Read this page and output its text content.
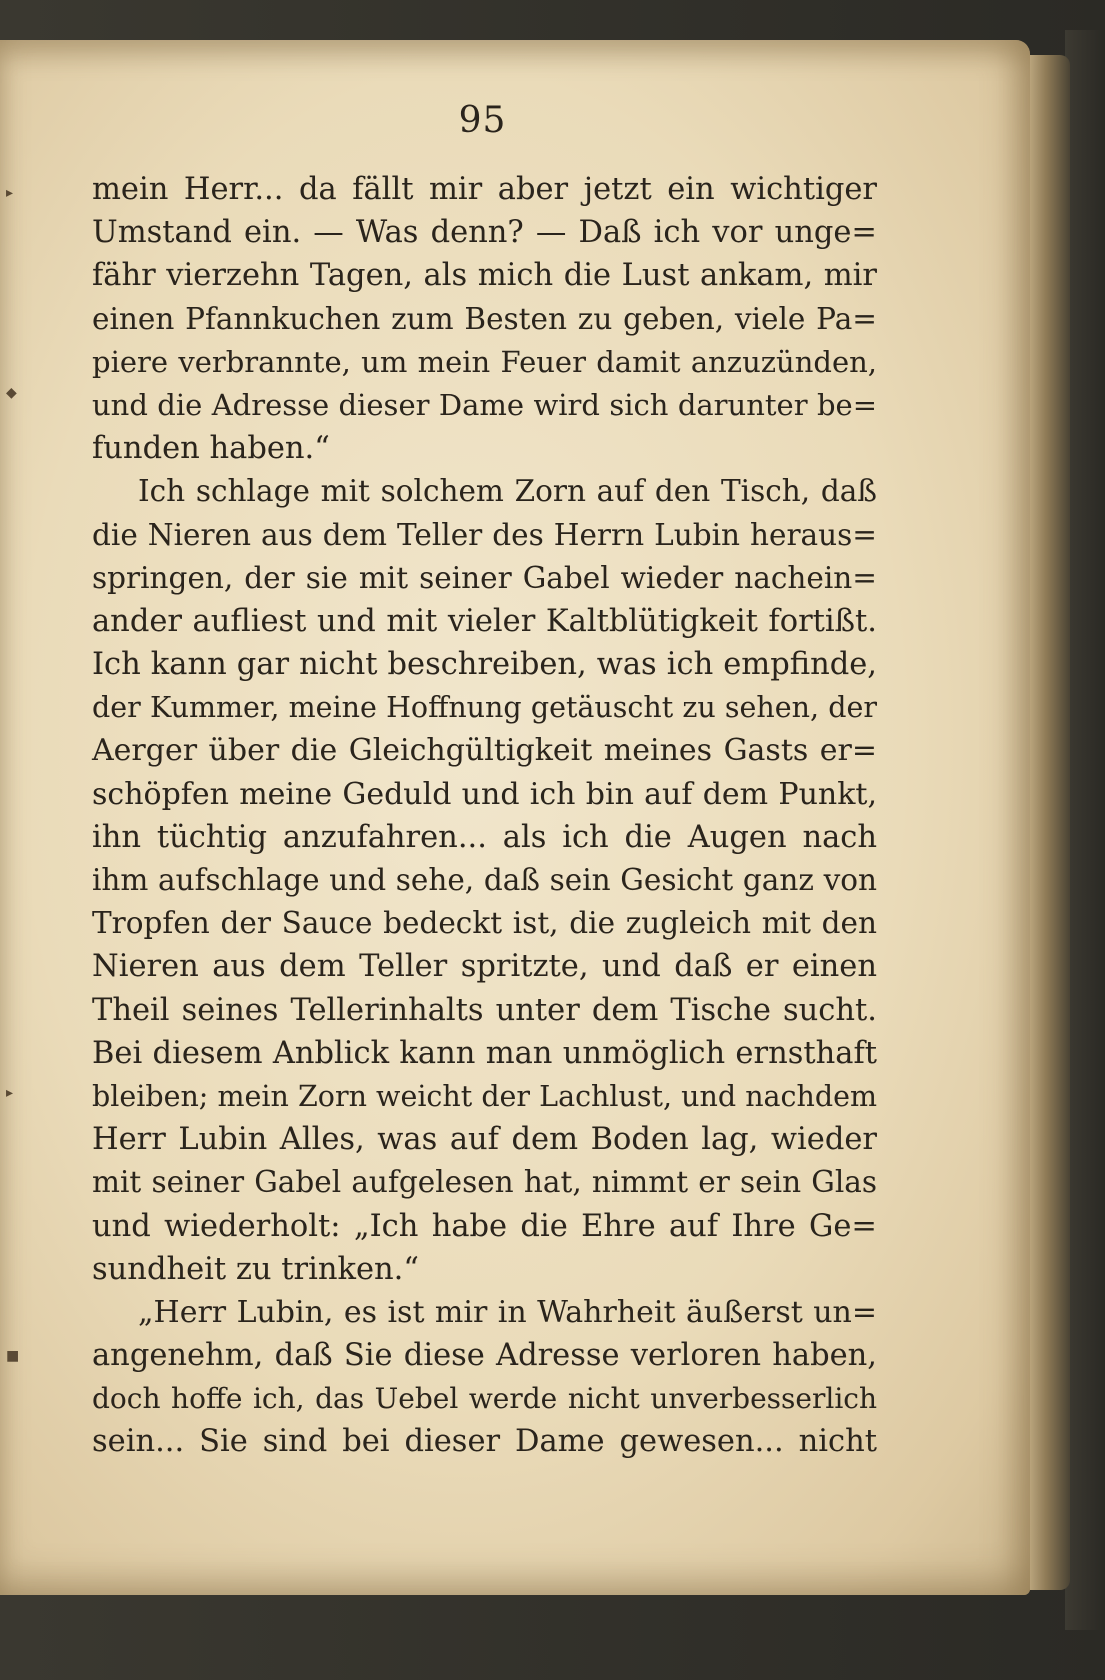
95
mein Herr... da fällt mir aber jetzt ein wichtiger
Umstand ein. — Was denn? — Daß ich vor unge=
fähr vierzehn Tagen, als mich die Lust ankam, mir
einen Pfannkuchen zum Besten zu geben, viele Pa=
piere verbrannte, um mein Feuer damit anzuzünden,
und die Adresse dieser Dame wird sich darunter be=
funden haben.“
Ich schlage mit solchem Zorn auf den Tisch, daß
die Nieren aus dem Teller des Herrn Lubin heraus=
springen, der sie mit seiner Gabel wieder nachein=
ander aufliest und mit vieler Kaltblütigkeit fortißt.
Ich kann gar nicht beschreiben, was ich empfinde,
der Kummer, meine Hoffnung getäuscht zu sehen, der
Aerger über die Gleichgültigkeit meines Gasts er=
schöpfen meine Geduld und ich bin auf dem Punkt,
ihn tüchtig anzufahren... als ich die Augen nach
ihm aufschlage und sehe, daß sein Gesicht ganz von
Tropfen der Sauce bedeckt ist, die zugleich mit den
Nieren aus dem Teller spritzte, und daß er einen
Theil seines Tellerinhalts unter dem Tische sucht.
Bei diesem Anblick kann man unmöglich ernsthaft
bleiben; mein Zorn weicht der Lachlust, und nachdem
Herr Lubin Alles, was auf dem Boden lag, wieder
mit seiner Gabel aufgelesen hat, nimmt er sein Glas
und wiederholt: „Ich habe die Ehre auf Ihre Ge=
sundheit zu trinken.“
„Herr Lubin, es ist mir in Wahrheit äußerst un=
angenehm, daß Sie diese Adresse verloren haben,
doch hoffe ich, das Uebel werde nicht unverbesserlich
sein... Sie sind bei dieser Dame gewesen... nicht
▸
◆
▸
■
